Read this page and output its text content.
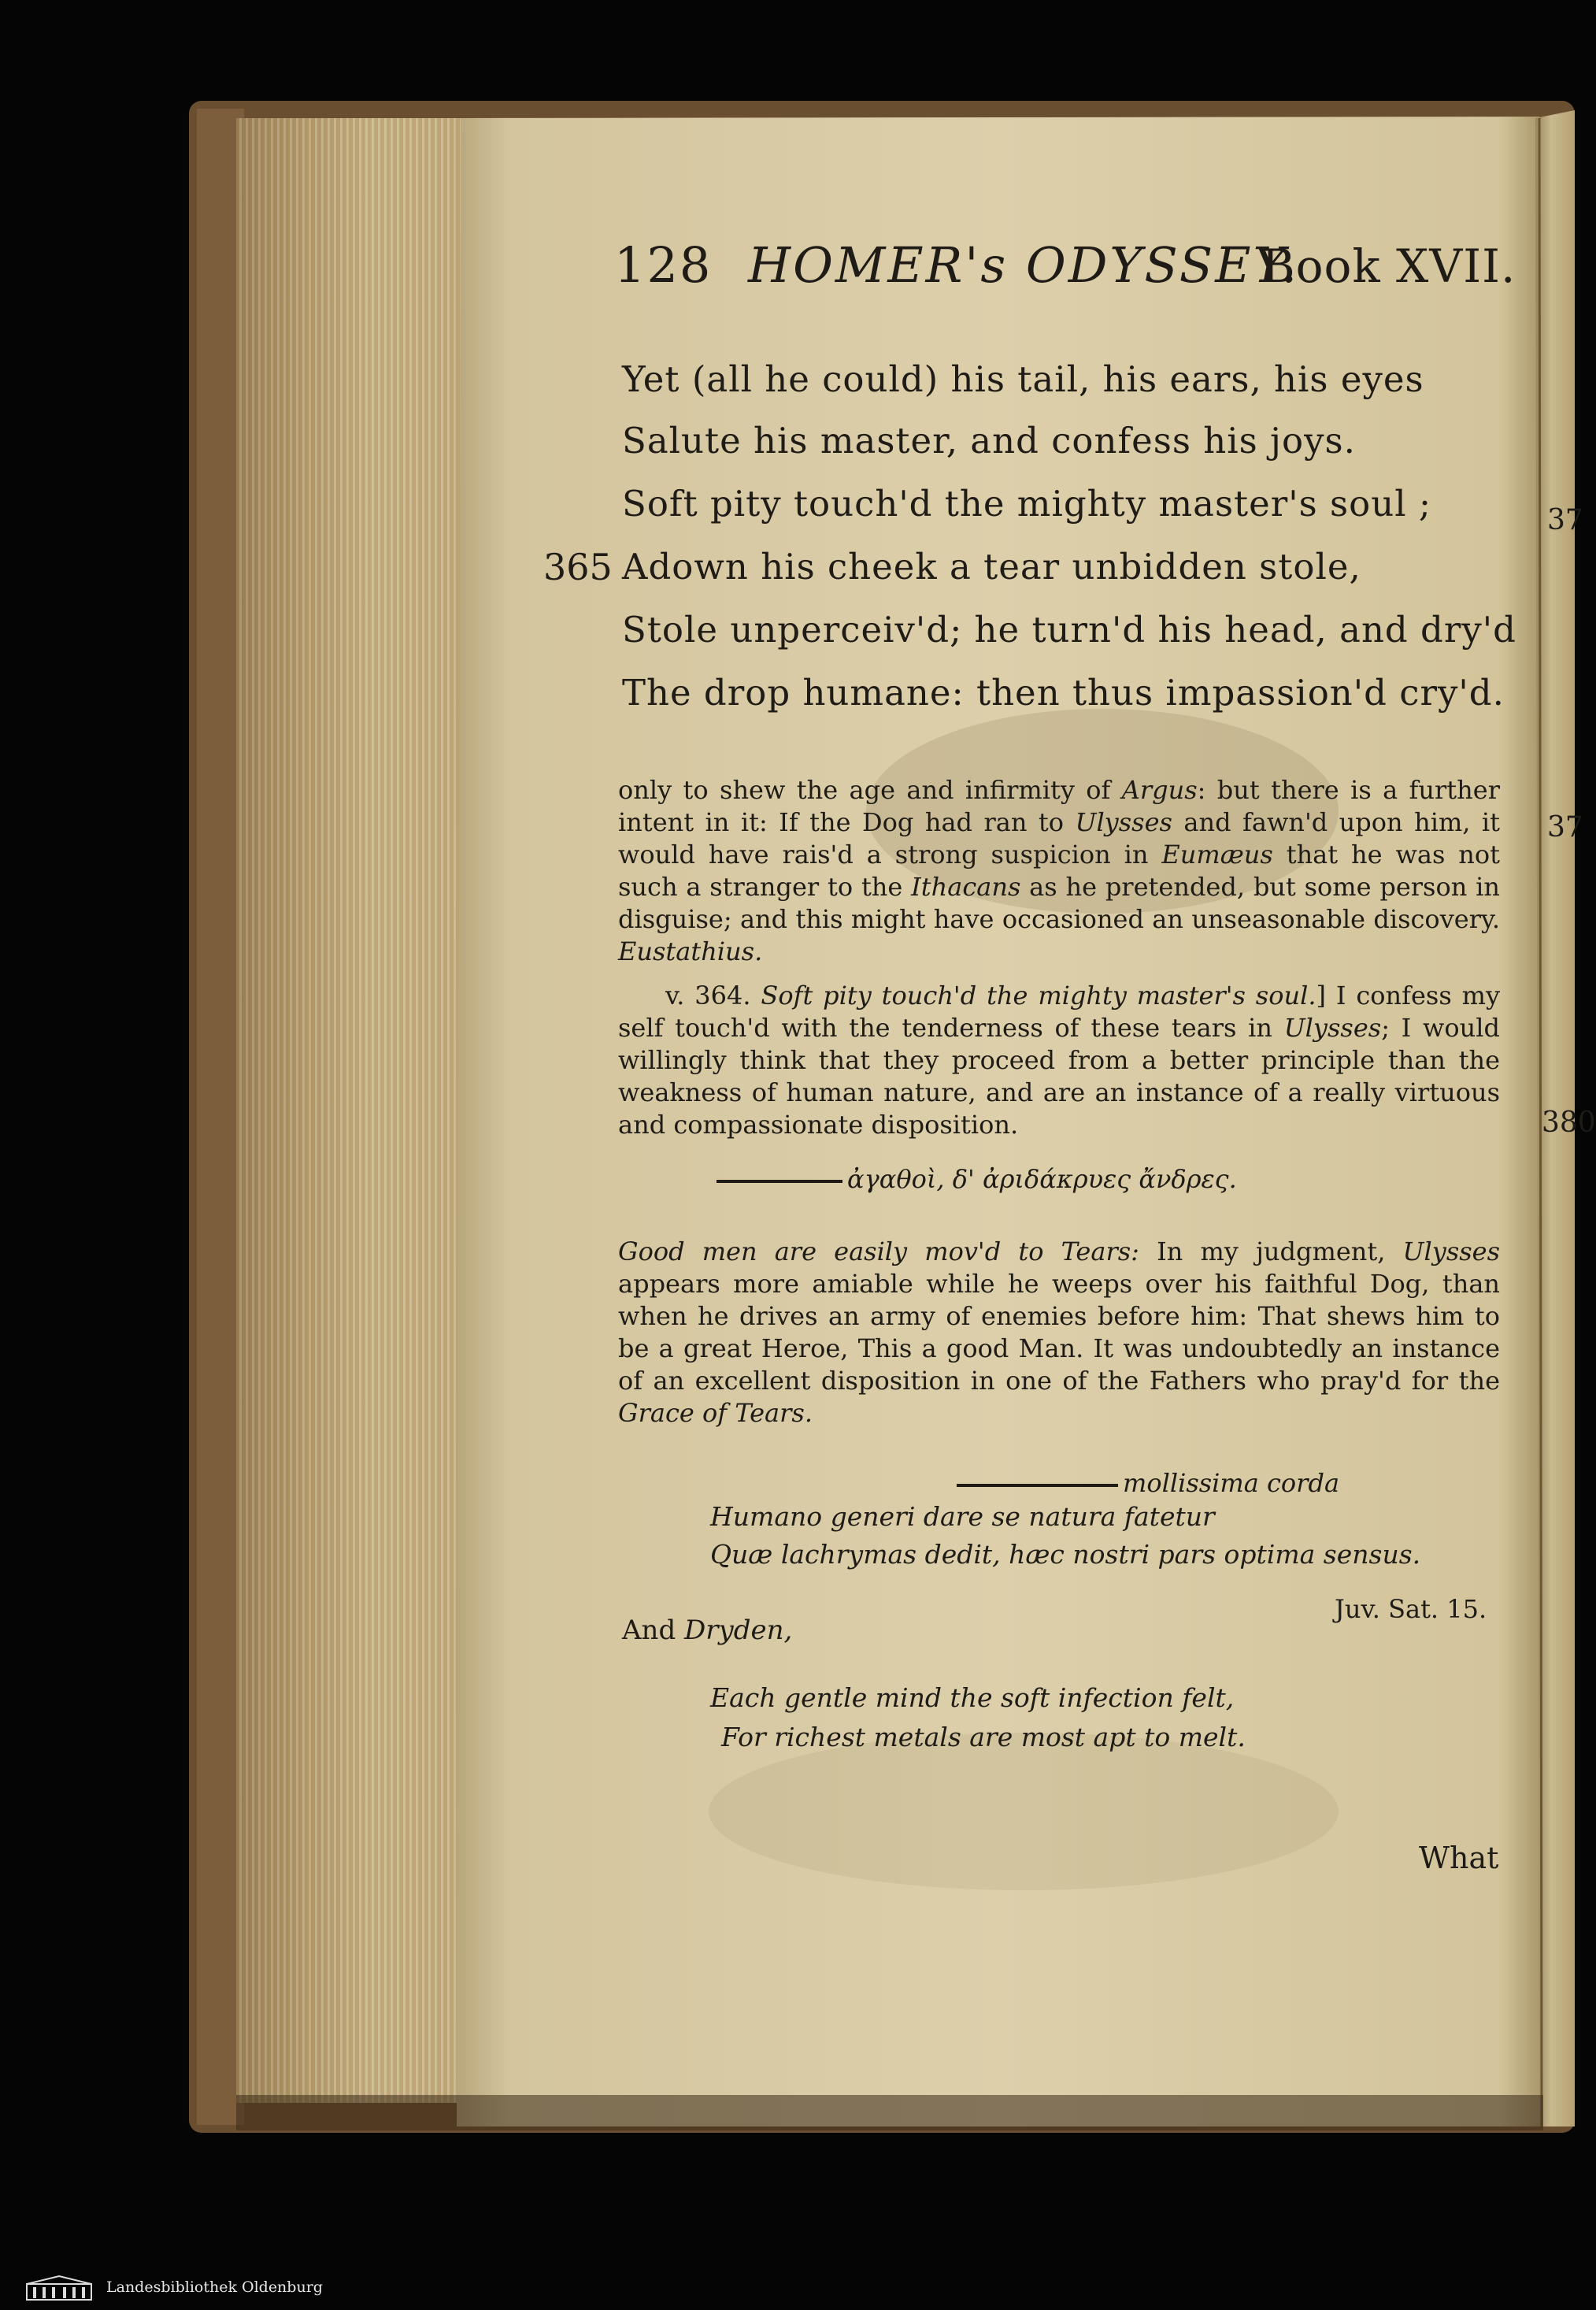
128 HOMER's ODYSSEY.
Book XVII.
365
Yet (all he could) his tail, his ears, his eyes
Salute his master, and confess his joys.
Soft pity touch'd the mighty master's soul ;
Adown his cheek a tear unbidden stole,
Stole unperceiv'd; he turn'd his head, and dry'd
The drop humane: then thus impassion'd cry'd.

only to shew the age and infirmity of Argus: but there is a further intent in it: If the Dog had ran to Ulysses and fawn'd upon him, it would have rais'd a strong suspicion in Eumæus that he was not such a stranger to the Ithacans as he pretended, but some person in disguise; and this might have occasioned an unseasonable discovery. Eustathius.

v. 364. Soft pity touch'd the mighty master's soul.] I confess my self touch'd with the tenderness of these tears in Ulysses; I would willingly think that they proceed from a better principle than the weakness of human nature, and are an instance of a really virtuous and compassionate disposition.

ἀγαθοὶ, δ' ἀριδάκρυες ἄνδρες.

Good men are easily mov'd to Tears: In my judgment, Ulysses appears more amiable while he weeps over his faithful Dog, than when he drives an army of enemies before him: That shews him to be a great Heroe, This a good Man. It was undoubtedly an instance of an excellent disposition in one of the Fathers who pray'd for the Grace of Tears.

mollissima corda
Humano generi dare se natura fatetur
Quæ lachrymas dedit, hæc nostri pars optima sensus.
Juv. Sat. 15.
And Dryden,
Each gentle mind the soft infection felt,
For richest metals are most apt to melt.
What
37
37
380
Landesbibliothek Oldenburg
